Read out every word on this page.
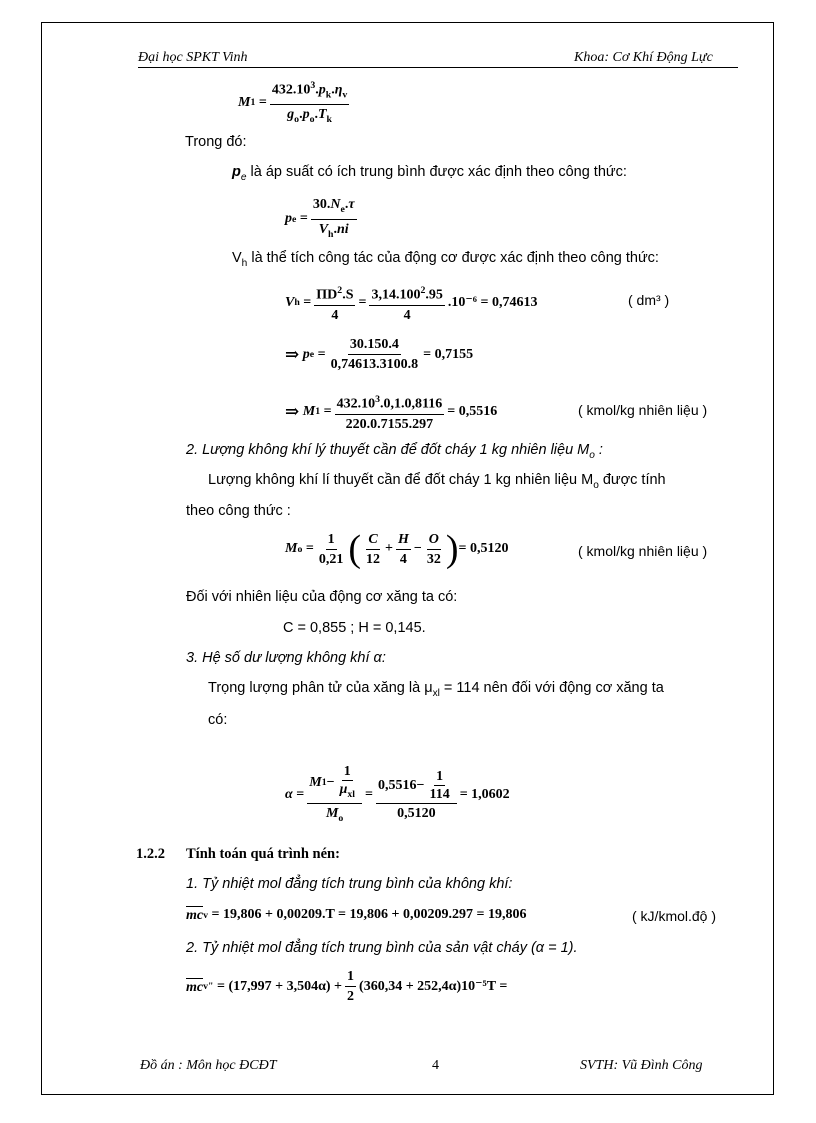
Đại học SPKT Vinh	Khoa: Cơ Khí Động Lực
M $1 = \frac{432.10^3.p_k.\eta_v}{g_o.p_o.T_k}$
Trong đó:
$p_e$ là áp suất có ích trung bình được xác định theo công thức:
p $e = \frac{30.N_e.\tau}{V_h.ni}$
$V_h$ là thể tích công tác của động cơ được xác định theo công thức:
V $h = \frac{\Pi D^2.S}{4} = \frac{3,14.100^2.95}{4} .10^{-6}$
= 0,74613	( dm³ )
⇒
p $e = \frac{30.150.4}{0,74613.3100.8} = 0,7155$
⇒
M $1 = \frac{432.10^3.0,1.0,8116}{220.0.7155.297} = 0,5516$	( kmol/kg nhiên liệu )
2. Lượng không khí lý thuyết cần để đốt cháy 1 kg nhiên liệu $M_o$ :
Lượng không khí lí thuyết cần để đốt cháy 1 kg nhiên liệu $M_o$ được tính
theo công thức :
M $o = \frac{1}{0,21}$ ( $\frac{C}{12} + \frac{H}{4} - \frac{O}{32}$ ) = 0,5120	( kmol/kg nhiên liệu )
Đối với nhiên liệu của động cơ xăng ta có:
C = 0,855 ; H = 0,145.
3. Hệ số dư lượng không khí α:
Trọng lượng phân tử của xăng là $\mu_{xl} = 114$ nên đối với động cơ xăng ta
có:
$\alpha = \frac{M 1 - \frac{1}{\mu_{xl}}}{M_o} = \frac{0,5516 - \frac{1}{114}}{0,5120} = 1,0602$
1.2.2 Tính toán quá trình nén:
1. Tỷ nhiệt mol đẳng tích trung bình của không khí:
mc v
= 19,806 + 0,00209.T = 19,806 + 0,00209.297 = 19,806	( kJ/kmol.độ )
2. Tỷ nhiệt mol đẳng tích trung bình của sản vật cháy (α = 1).
mc v "
= $(17,997 + 3,504\alpha) + \frac{1}{2} (360,34 + 252,4\alpha)10^{-5}T$ =
Đồ án : Môn học ĐCĐT	4	SVTH: Vũ Đình Công
